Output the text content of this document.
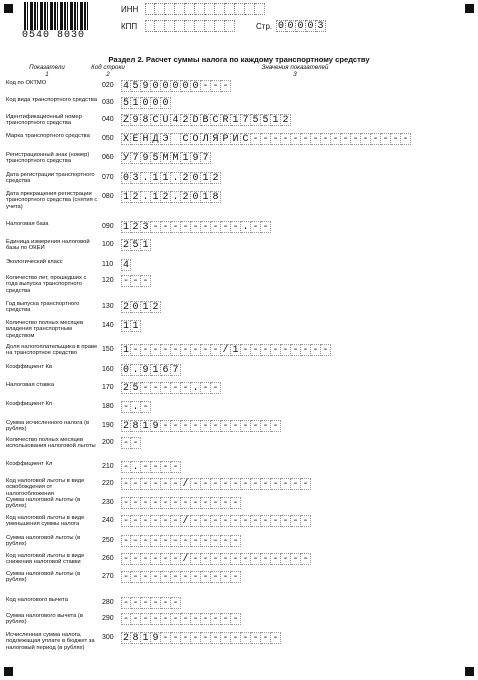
0540 8030
ИНН
КПП	Стр. 0 0 0 0 3
Раздел 2. Расчет суммы налога по каждому транспортному средству
Показатели
1
Код строки
2
Значения показателей
3
Код по ОКТМО	020 4 5 9 0 0 0 0 0 - - -
Код вида транспортного средства 030 5 1 0 0 0
Идентификационный номер транспортного средства
040 Z 9 8 C U 4 2 D B C R 1 7 5 5 1 2
Марка транспортного средства	050 Х Е Н Д Э С О Л Я Р И С - - - - - - - - - - - - - - - -
Регистрационный знак (номер) транспортного средства
060 У 7 9 5 М М 1 9 7
Дата регистрации транспортного средства
070 0 3 . 1 1 . 2 0 1 2
Дата прекращения регистрации транспортного средства (снятия с учета)
080 1 2 . 1 2 . 2 0 1 8
Налоговая база	090 1 2 3 - - - - - - - - - . - -
Единица измерения налоговой базы по ОКЕИ
100 2 5 1
Экологический класс	110 4
Количество лет, прошедших с года выпуска транспортного средства
120 - - -
Год выпуска транспортного средства
130 2 0 1 2
Количество полных месяцев владения транспортным средством
140 1 1
Доля налогоплательщика в праве на транспортное средство
150 1 - - - - - - - - - / 1 - - - - - - - - -
Коэффициент Кв	160 0 . 9 1 6 7
Налоговая ставка	170 2 5 - - - - - . - -
Коэффициент Кп	180 - . -
Сумма исчисленного налога (в рублях)
190 2 8 1 9 - - - - - - - - - - - -
Количество полных месяцев использования налоговой льготы
200 - -
Коэффициент Кл	210 - . - - - -
Код налоговой льготы в виде освобождения от налогообложения
220 - - - - - - / - - - - - - - - - - - -
Сумма налоговой льготы (в рублях)
230 - - - - - - - - - - - -
Код налоговой льготы в виде уменьшения суммы налога
240 - - - - - - / - - - - - - - - - - - -
Сумма налоговой льготы (в рублях)
250 - - - - - - - - - - - -
Код налоговой льготы в виде снижения налоговой ставки
260 - - - - - - / - - - - - - - - - - - -
Сумма налоговой льготы (в рублях)
270 - - - - - - - - - - - -
Код налогового вычета	280 - - - - - -
Сумма налогового вычета (в рублях)
290 - - - - - - - - - - - -
Исчисленная сумма налога, подлежащая уплате в бюджет за налоговый период (в рублях)
300 2 8 1 9 - - - - - - - - - - - -
